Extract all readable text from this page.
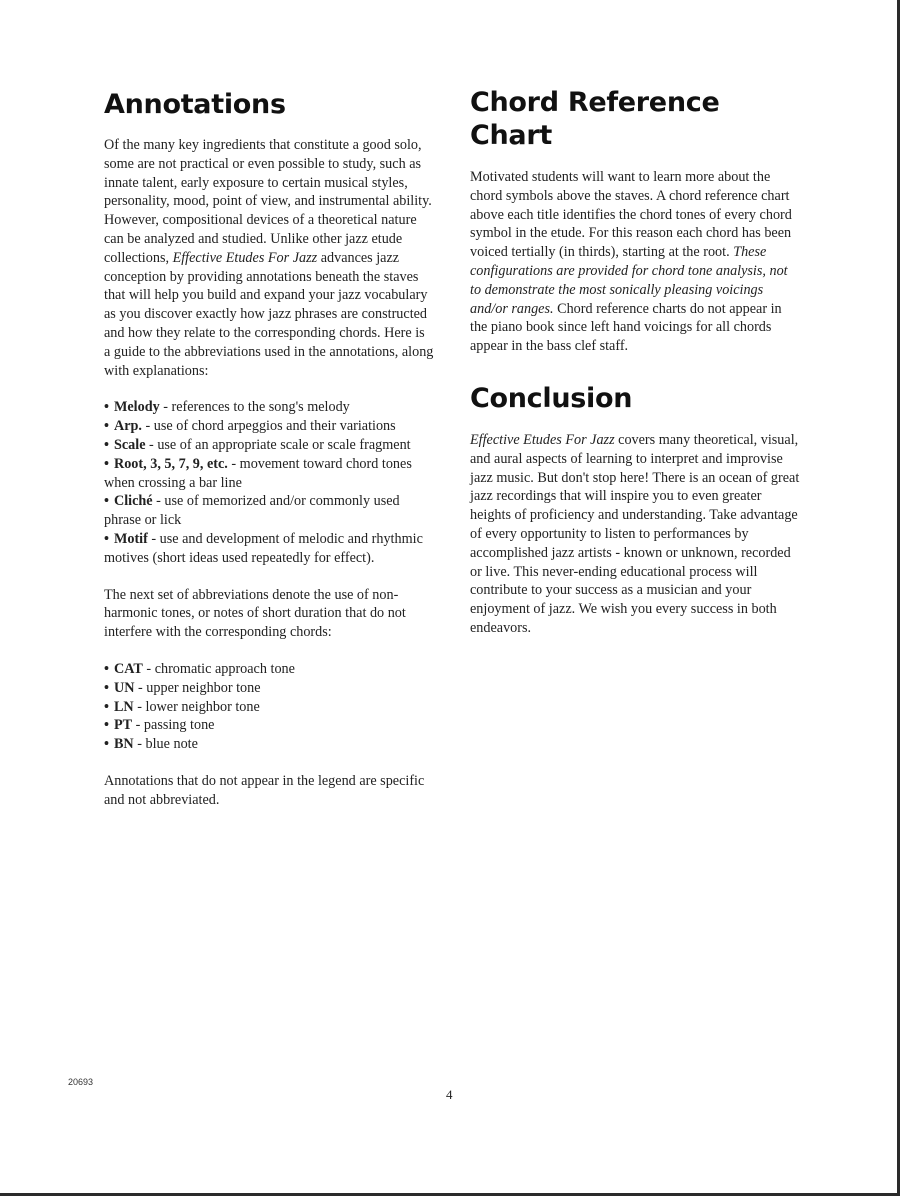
Annotations

Of the many key ingredients that constitute a good solo, some are not practical or even possible to study, such as innate talent, early exposure to certain musical styles, personality, mood, point of view, and instrumental ability. However, compositional devices of a theoretical nature can be analyzed and studied. Unlike other jazz etude collections, Effective Etudes For Jazz advances jazz conception by providing annotations beneath the staves that will help you build and expand your jazz vocabulary as you discover exactly how jazz phrases are constructed and how they relate to the corresponding chords. Here is a guide to the abbreviations used in the annotations, along with explanations:

• Melody - references to the song's melody
• Arp. - use of chord arpeggios and their variations
• Scale - use of an appropriate scale or scale fragment
• Root, 3, 5, 7, 9, etc. - movement toward chord tones when crossing a bar line
• Cliché - use of memorized and/or commonly used phrase or lick
• Motif - use and development of melodic and rhythmic motives (short ideas used repeatedly for effect).

The next set of abbreviations denote the use of non-harmonic tones, or notes of short duration that do not interfere with the corresponding chords:

• CAT - chromatic approach tone
• UN - upper neighbor tone
• LN - lower neighbor tone
• PT - passing tone
• BN - blue note

Annotations that do not appear in the legend are specific and not abbreviated.

Chord Reference Chart

Motivated students will want to learn more about the chord symbols above the staves. A chord reference chart above each title identifies the chord tones of every chord symbol in the etude. For this reason each chord has been voiced tertially (in thirds), starting at the root. These configurations are provided for chord tone analysis, not to demonstrate the most sonically pleasing voicings and/or ranges. Chord reference charts do not appear in the piano book since left hand voicings for all chords appear in the bass clef staff.

Conclusion

Effective Etudes For Jazz covers many theoretical, visual, and aural aspects of learning to interpret and improvise jazz music. But don't stop here! There is an ocean of great jazz recordings that will inspire you to even greater heights of proficiency and understanding. Take advantage of every opportunity to listen to performances by accomplished jazz artists - known or unknown, recorded or live. This never-ending educational process will contribute to your success as a musician and your enjoyment of jazz. We wish you every success in both endeavors.

20693
4
